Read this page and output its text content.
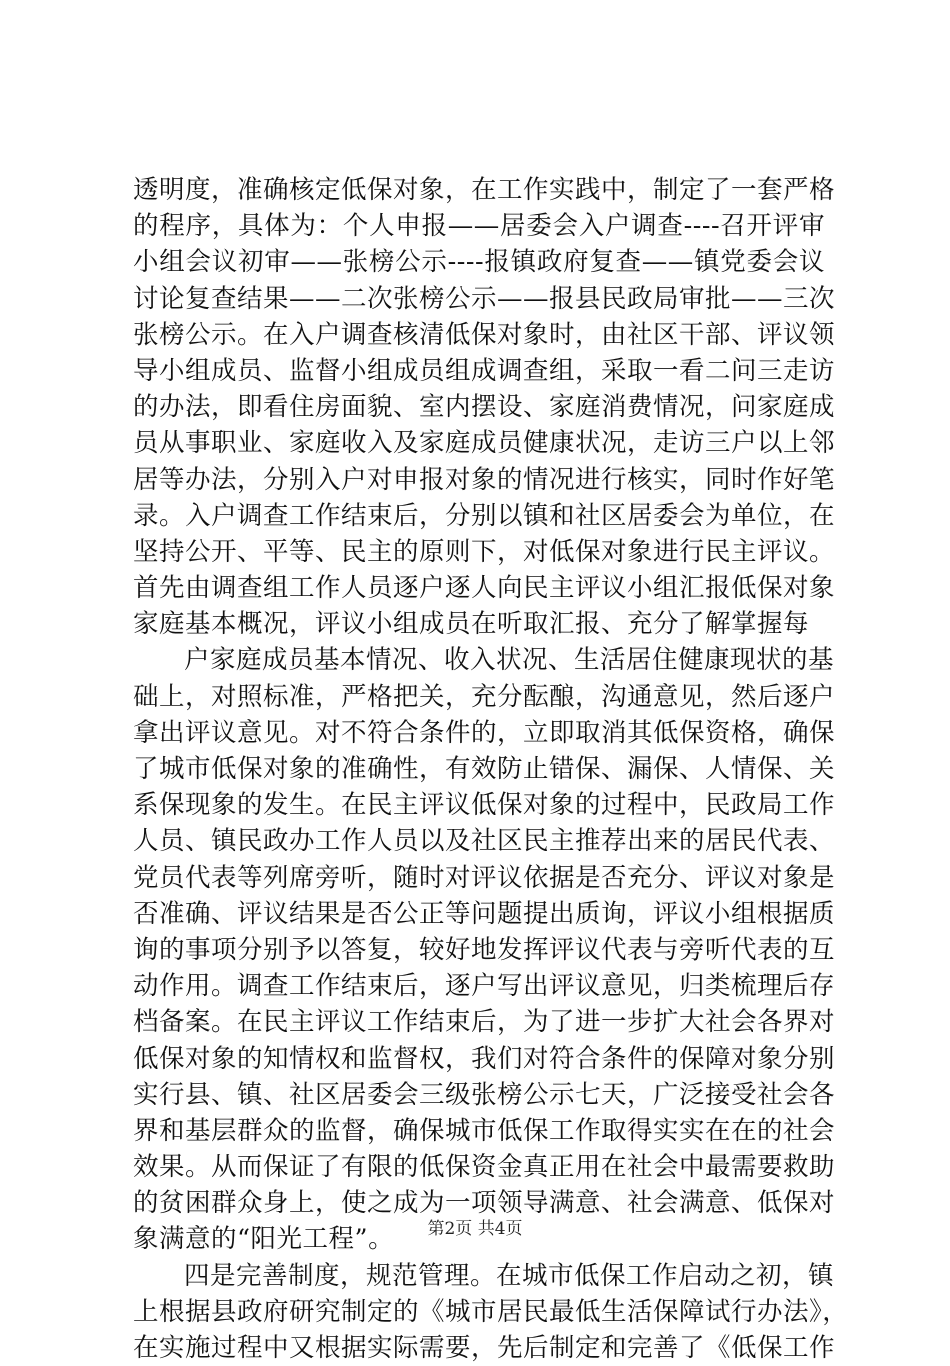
透明度，准确核定低保对象，在工作实践中，制定了一套严格
的程序，具体为：个人申报——居委会入户调查----召开评审
小组会议初审——张榜公示----报镇政府复查——镇党委会议
讨论复查结果——二次张榜公示——报县民政局审批——三次
张榜公示。在入户调查核清低保对象时，由社区干部、评议领
导小组成员、监督小组成员组成调查组，采取一看二问三走访
的办法，即看住房面貌、室内摆设、家庭消费情况，问家庭成
员从事职业、家庭收入及家庭成员健康状况，走访三户以上邻
居等办法，分别入户对申报对象的情况进行核实，同时作好笔
录。入户调查工作结束后，分别以镇和社区居委会为单位，在
坚持公开、平等、民主的原则下，对低保对象进行民主评议。
首先由调查组工作人员逐户逐人向民主评议小组汇报低保对象
家庭基本概况，评议小组成员在听取汇报、充分了解掌握每
户家庭成员基本情况、收入状况、生活居住健康现状的基
础上，对照标准，严格把关，充分酝酿，沟通意见，然后逐户
拿出评议意见。对不符合条件的，立即取消其低保资格，确保
了城市低保对象的准确性，有效防止错保、漏保、人情保、关
系保现象的发生。在民主评议低保对象的过程中，民政局工作
人员、镇民政办工作人员以及社区民主推荐出来的居民代表、
党员代表等列席旁听，随时对评议依据是否充分、评议对象是
否准确、评议结果是否公正等问题提出质询，评议小组根据质
询的事项分别予以答复，较好地发挥评议代表与旁听代表的互
动作用。调查工作结束后，逐户写出评议意见，归类梳理后存
档备案。在民主评议工作结束后，为了进一步扩大社会各界对
低保对象的知情权和监督权，我们对符合条件的保障对象分别
实行县、镇、社区居委会三级张榜公示七天，广泛接受社会各
界和基层群众的监督，确保城市低保工作取得实实在在的社会
效果。从而保证了有限的低保资金真正用在社会中最需要救助
的贫困群众身上，使之成为一项领导满意、社会满意、低保对
象满意的“阳光工程”。
四是完善制度，规范管理。在城市低保工作启动之初，镇
上根据县政府研究制定的《城市居民最低生活保障试行办法》，
在实施过程中又根据实际需要，先后制定和完善了《低保工作
第2页 共4页
